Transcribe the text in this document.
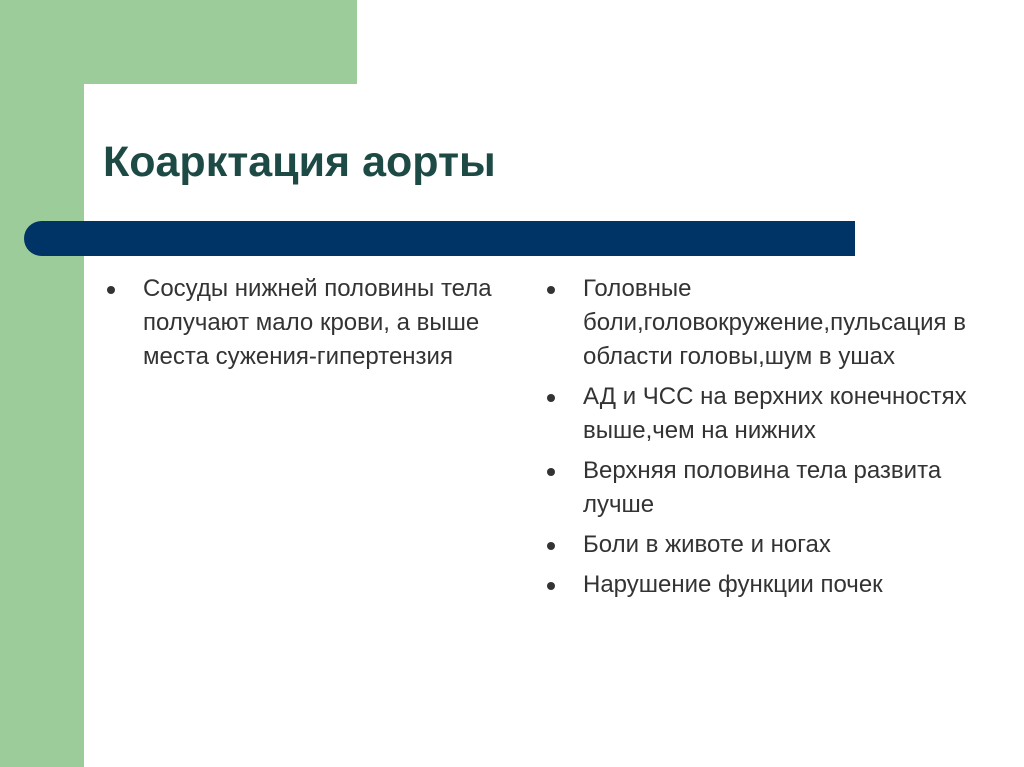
Коарктация аорты
Сосуды нижней половины тела получают мало крови, а выше места сужения-гипертензия
Головные боли,головокружение,пульсация в области головы,шум в ушах
АД и ЧСС на верхних конечностях выше,чем на нижних
Верхняя половина тела развита лучше
Боли в животе и ногах
Нарушение функции почек
